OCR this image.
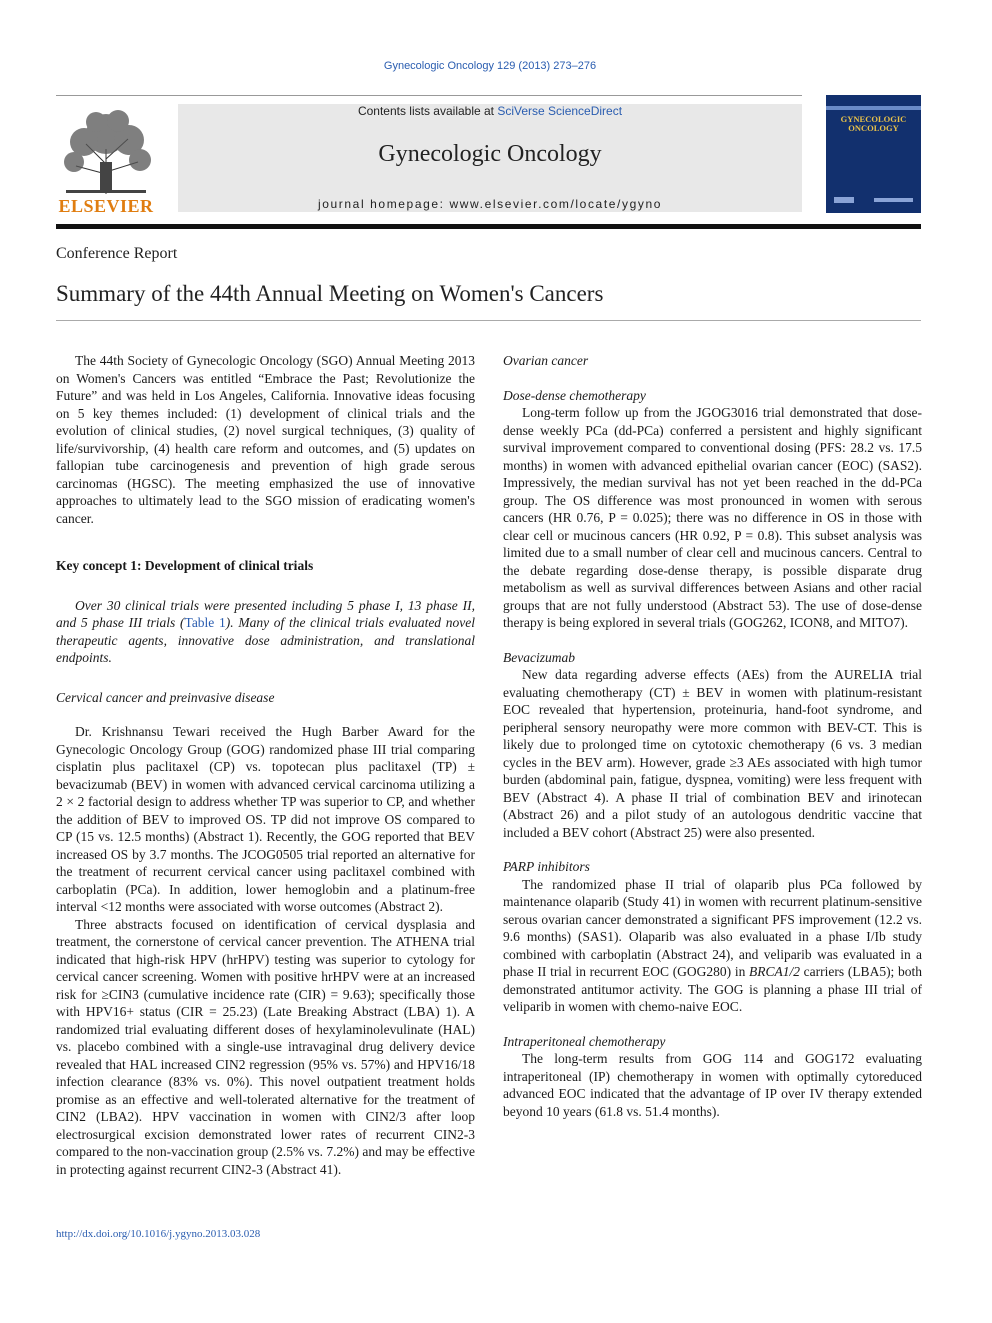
Gynecologic Oncology 129 (2013) 273–276
ELSEVIER
Contents lists available at SciVerse ScienceDirect
Gynecologic Oncology
journal homepage: www.elsevier.com/locate/ygyno
GYNECOLOGIC ONCOLOGY
Conference Report
Summary of the 44th Annual Meeting on Women's Cancers

The 44th Society of Gynecologic Oncology (SGO) Annual Meeting 2013 on Women's Cancers was entitled “Embrace the Past; Revolutionize the Future” and was held in Los Angeles, California. Innovative ideas focusing on 5 key themes included: (1) development of clinical trials and the evolution of clinical studies, (2) novel surgical techniques, (3) quality of life/survivorship, (4) health care reform and outcomes, and (5) updates on fallopian tube carcinogenesis and prevention of high grade serous carcinomas (HGSC). The meeting emphasized the use of innovative approaches to ultimately lead to the SGO mission of eradicating women's cancer.

Key concept 1: Development of clinical trials

Over 30 clinical trials were presented including 5 phase I, 13 phase II, and 5 phase III trials (Table 1). Many of the clinical trials evaluated novel therapeutic agents, innovative dose administration, and translational endpoints.

Cervical cancer and preinvasive disease

Dr. Krishnansu Tewari received the Hugh Barber Award for the Gynecologic Oncology Group (GOG) randomized phase III trial comparing cisplatin plus paclitaxel (CP) vs. topotecan plus paclitaxel (TP) ± bevacizumab (BEV) in women with advanced cervical carcinoma utilizing a 2 × 2 factorial design to address whether TP was superior to CP, and whether the addition of BEV to improved OS. TP did not improve OS compared to CP (15 vs. 12.5 months) (Abstract 1). Recently, the GOG reported that BEV increased OS by 3.7 months. The JCOG0505 trial reported an alternative for the treatment of recurrent cervical cancer using paclitaxel combined with carboplatin (PCa). In addition, lower hemoglobin and a platinum-free interval <12 months were associated with worse outcomes (Abstract 2).

Three abstracts focused on identification of cervical dysplasia and treatment, the cornerstone of cervical cancer prevention. The ATHENA trial indicated that high-risk HPV (hrHPV) testing was superior to cytology for cervical cancer screening. Women with positive hrHPV were at an increased risk for ≥CIN3 (cumulative incidence rate (CIR) = 9.63); specifically those with HPV16+ status (CIR = 25.23) (Late Breaking Abstract (LBA) 1). A randomized trial evaluating different doses of hexylaminolevulinate (HAL) vs. placebo combined with a single-use intravaginal drug delivery device revealed that HAL increased CIN2 regression (95% vs. 57%) and HPV16/18 infection clearance (83% vs. 0%). This novel outpatient treatment holds promise as an effective and well-tolerated alternative for the treatment of CIN2 (LBA2). HPV vaccination in women with CIN2/3 after loop electrosurgical excision demonstrated lower rates of recurrent CIN2-3 compared to the non-vaccination group (2.5% vs. 7.2%) and may be effective in protecting against recurrent CIN2-3 (Abstract 41).

Ovarian cancer
Dose-dense chemotherapy

Long-term follow up from the JGOG3016 trial demonstrated that dose-dense weekly PCa (dd-PCa) conferred a persistent and highly significant survival improvement compared to conventional dosing (PFS: 28.2 vs. 17.5 months) in women with advanced epithelial ovarian cancer (EOC) (SAS2). Impressively, the median survival has not yet been reached in the dd-PCa group. The OS difference was most pronounced in women with serous cancers (HR 0.76, P = 0.025); there was no difference in OS in those with clear cell or mucinous cancers (HR 0.92, P = 0.8). This subset analysis was limited due to a small number of clear cell and mucinous cancers. Central to the debate regarding dose-dense therapy, is possible disparate drug metabolism as well as survival differences between Asians and other racial groups that are not fully understood (Abstract 53). The use of dose-dense therapy is being explored in several trials (GOG262, ICON8, and MITO7).

Bevacizumab

New data regarding adverse effects (AEs) from the AURELIA trial evaluating chemotherapy (CT) ± BEV in women with platinum-resistant EOC revealed that hypertension, proteinuria, hand-foot syndrome, and peripheral sensory neuropathy were more common with BEV-CT. This is likely due to prolonged time on cytotoxic chemotherapy (6 vs. 3 median cycles in the BEV arm). However, grade ≥3 AEs associated with high tumor burden (abdominal pain, fatigue, dyspnea, vomiting) were less frequent with BEV (Abstract 4). A phase II trial of combination BEV and irinotecan (Abstract 26) and a pilot study of an autologous dendritic vaccine that included a BEV cohort (Abstract 25) were also presented.

PARP inhibitors

The randomized phase II trial of olaparib plus PCa followed by maintenance olaparib (Study 41) in women with recurrent platinum-sensitive serous ovarian cancer demonstrated a significant PFS improvement (12.2 vs. 9.6 months) (SAS1). Olaparib was also evaluated in a phase I/Ib study combined with carboplatin (Abstract 24), and veliparib was evaluated in a phase II trial in recurrent EOC (GOG280) in BRCA1/2 carriers (LBA5); both demonstrated antitumor activity. The GOG is planning a phase III trial of veliparib in women with chemo-naive EOC.

Intraperitoneal chemotherapy

The long-term results from GOG 114 and GOG172 evaluating intraperitoneal (IP) chemotherapy in women with optimally cytoreduced advanced EOC indicated that the advantage of IP over IV therapy extended beyond 10 years (61.8 vs. 51.4 months).

http://dx.doi.org/10.1016/j.ygyno.2013.03.028
